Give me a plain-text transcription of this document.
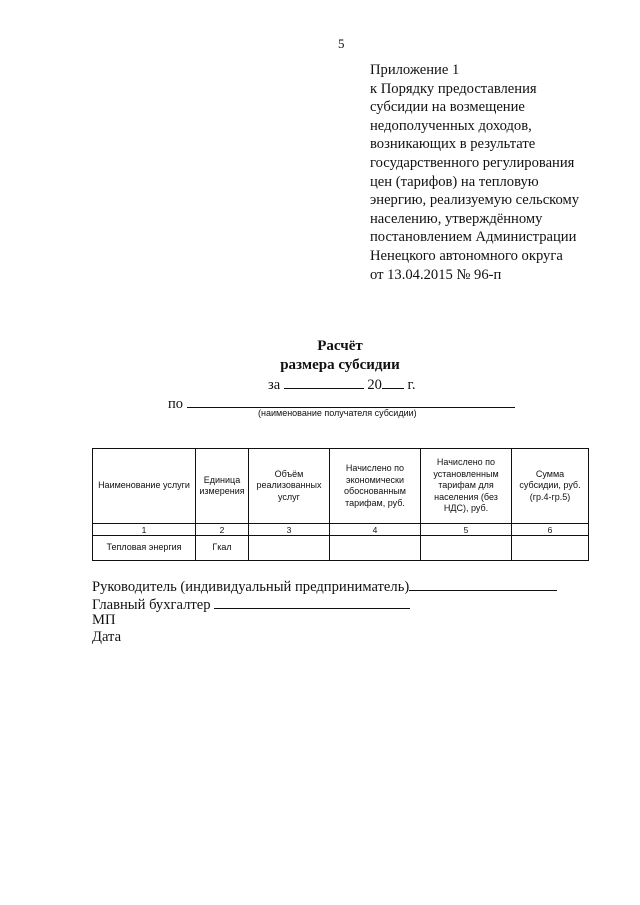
5
Приложение 1
к Порядку предоставления
субсидии на возмещение
недополученных доходов,
возникающих в результате
государственного регулирования
цен (тарифов) на тепловую
энергию, реализуемую сельскому
населению, утверждённому
постановлением Администрации
Ненецкого автономного округа
от 13.04.2015 № 96-п
Расчёт
размера субсидии
за	20 г.
по
(наименование получателя субсидии)
Наименование услуги	Единица измерения	Объём реализованных услуг	Начислено по экономически обоснованным тарифам, руб.	Начислено по установленным тарифам для населения (без НДС), руб.	Сумма субсидии, руб. (гр.4-гр.5)
1	2	3	4	5	6
Тепловая энергия	Гкал				
Руководитель (индивидуальный предприниматель)
Главный бухгалтер
МП
Дата
